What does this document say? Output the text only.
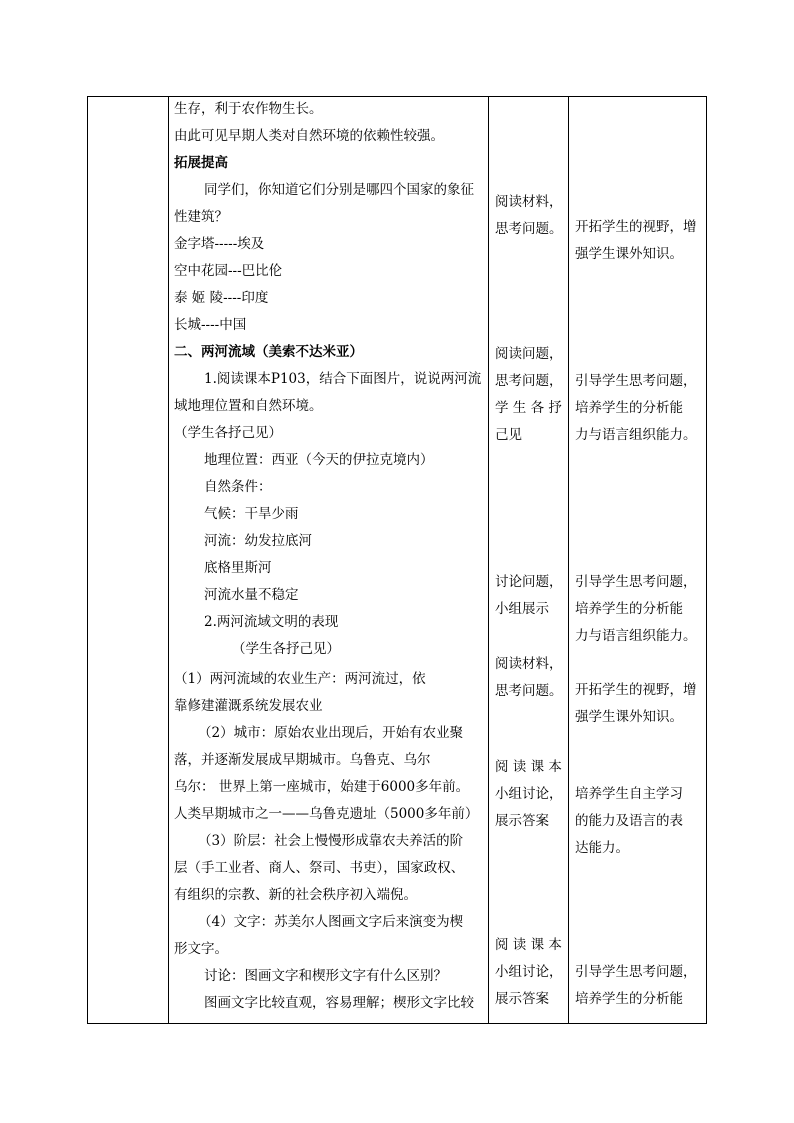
生存，利于农作物生长。
由此可见早期人类对自然环境的依赖性较强。
拓展提高
同学们，你知道它们分别是哪四个国家的象征
性建筑？
金字塔-----埃及
空中花园---巴比伦
泰 姬 陵----印度
长城----中国
二、两河流域（美索不达米亚）
1.阅读课本P103，结合下面图片，说说两河流
域地理位置和自然环境。
（学生各抒己见）
地理位置：西亚（今天的伊拉克境内）
自然条件：
气候：干旱少雨
河流：幼发拉底河
底格里斯河
河流水量不稳定
2.两河流域文明的表现
（学生各抒己见）
（1）两河流域的农业生产：两河流过，依
靠修建灌溉系统发展农业
（2）城市：原始农业出现后，开始有农业聚
落，并逐渐发展成早期城市。乌鲁克、乌尔
乌尔： 世界上第一座城市，始建于6000多年前。
人类早期城市之一——乌鲁克遗址（5000多年前）
（3）阶层：社会上慢慢形成靠农夫养活的阶
层（手工业者、商人、祭司、书吏），国家政权、
有组织的宗教、新的社会秩序初入端倪。
（4）文字：苏美尔人图画文字后来演变为楔
形文字。
讨论：图画文字和楔形文字有什么区别？
图画文字比较直观，容易理解；楔形文字比较
阅读材料，
思考问题。
阅读问题，
思考问题，
学 生 各 抒
己见
讨论问题，
小组展示
阅读材料，
思考问题。
阅 读 课 本
小组讨论，
展示答案
阅 读 课 本
小组讨论，
展示答案
开拓学生的视野，增
强学生课外知识。
引导学生思考问题，
培养学生的分析能
力与语言组织能力。
引导学生思考问题，
培养学生的分析能
力与语言组织能力。
开拓学生的视野，增
强学生课外知识。
培养学生自主学习
的能力及语言的表
达能力。
引导学生思考问题，
培养学生的分析能
